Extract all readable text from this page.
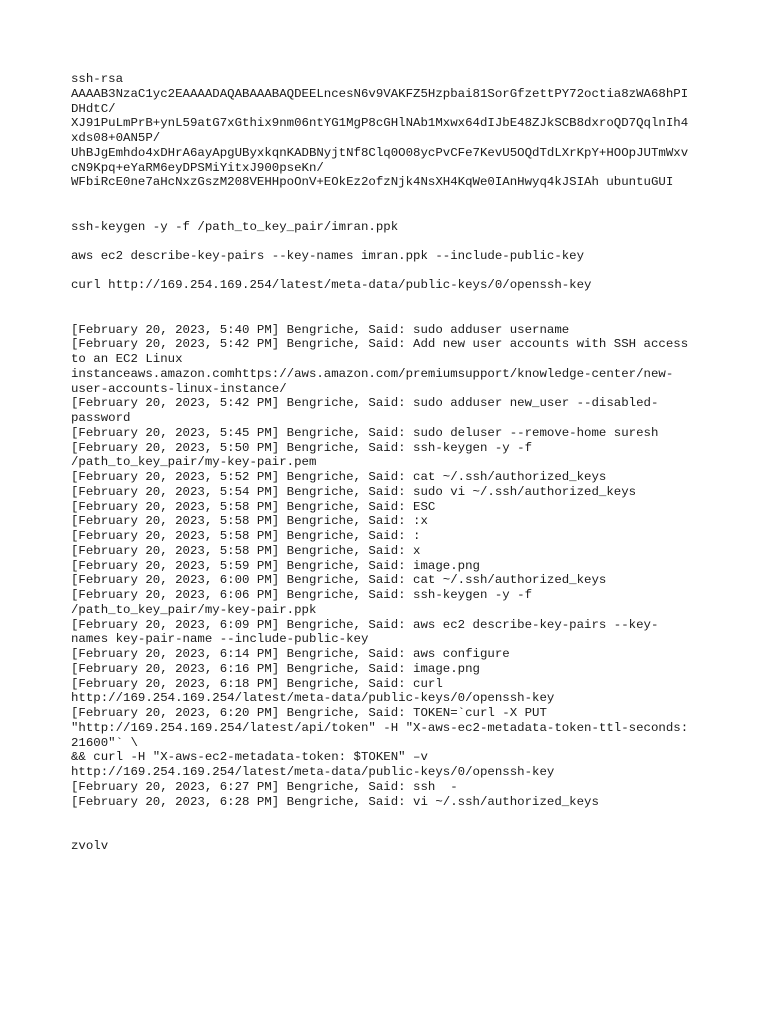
ssh-rsa
AAAAB3NzaC1yc2EAAAADAQABAAABAQDEELncesN6v9VAKFZ5Hzpbai81SorGfzettPY72octia8zWA68hPI
DHdtC/
XJ91PuLmPrB+ynL59atG7xGthix9nm06ntYG1MgP8cGHlNAb1Mxwx64dIJbE48ZJkSCB8dxroQD7QqlnIh4
xds08+0AN5P/
UhBJgEmhdo4xDHrA6ayApgUByxkqnKADBNyjtNf8Clq0O08ycPvCFe7KevU5OQdTdLXrKpY+HOOpJUTmWxv
cN9Kpq+eYaRM6eyDPSMiYitxJ900pseKn/
WFbiRcE0ne7aHcNxzGszM208VEHHpoOnV+EOkEz2ofzNjk4NsXH4KqWe0IAnHwyq4kJSIAh ubuntuGUI
ssh-keygen -y -f /path_to_key_pair/imran.ppk
aws ec2 describe-key-pairs --key-names imran.ppk --include-public-key
curl http://169.254.169.254/latest/meta-data/public-keys/0/openssh-key
[February 20, 2023, 5:40 PM] Bengriche, Said: sudo adduser username
[February 20, 2023, 5:42 PM] Bengriche, Said: Add new user accounts with SSH access
to an EC2 Linux
instanceaws.amazon.comhttps://aws.amazon.com/premiumsupport/knowledge-center/new-
user-accounts-linux-instance/
[February 20, 2023, 5:42 PM] Bengriche, Said: sudo adduser new_user --disabled-
password
[February 20, 2023, 5:45 PM] Bengriche, Said: sudo deluser --remove-home suresh
[February 20, 2023, 5:50 PM] Bengriche, Said: ssh-keygen -y -f
/path_to_key_pair/my-key-pair.pem
[February 20, 2023, 5:52 PM] Bengriche, Said: cat ~/.ssh/authorized_keys
[February 20, 2023, 5:54 PM] Bengriche, Said: sudo vi ~/.ssh/authorized_keys
[February 20, 2023, 5:58 PM] Bengriche, Said: ESC
[February 20, 2023, 5:58 PM] Bengriche, Said: :x
[February 20, 2023, 5:58 PM] Bengriche, Said: :
[February 20, 2023, 5:58 PM] Bengriche, Said: x
[February 20, 2023, 5:59 PM] Bengriche, Said: image.png
[February 20, 2023, 6:00 PM] Bengriche, Said: cat ~/.ssh/authorized_keys
[February 20, 2023, 6:06 PM] Bengriche, Said: ssh-keygen -y -f
/path_to_key_pair/my-key-pair.ppk
[February 20, 2023, 6:09 PM] Bengriche, Said: aws ec2 describe-key-pairs --key-
names key-pair-name --include-public-key
[February 20, 2023, 6:14 PM] Bengriche, Said: aws configure
[February 20, 2023, 6:16 PM] Bengriche, Said: image.png
[February 20, 2023, 6:18 PM] Bengriche, Said: curl
http://169.254.169.254/latest/meta-data/public-keys/0/openssh-key
[February 20, 2023, 6:20 PM] Bengriche, Said: TOKEN=`curl -X PUT
"http://169.254.169.254/latest/api/token" -H "X-aws-ec2-metadata-token-ttl-seconds:
21600"` \
&& curl -H "X-aws-ec2-metadata-token: $TOKEN" –v
http://169.254.169.254/latest/meta-data/public-keys/0/openssh-key
[February 20, 2023, 6:27 PM] Bengriche, Said: ssh  -
[February 20, 2023, 6:28 PM] Bengriche, Said: vi ~/.ssh/authorized_keys
zvolv
